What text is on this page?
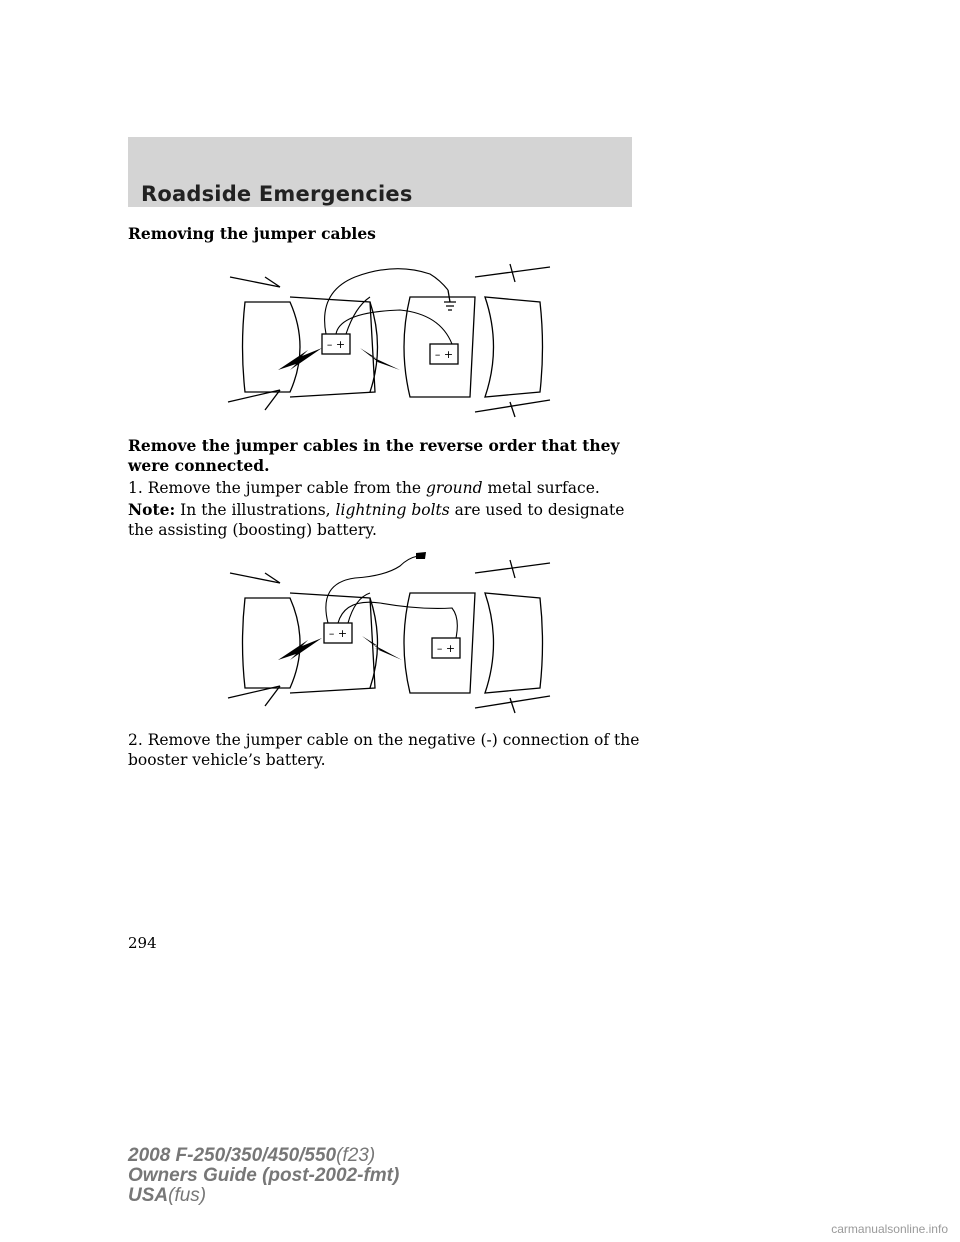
Roadside Emergencies
Removing the jumper cables
– +
– +
Remove the jumper cables in the reverse order that they were connected.
1. Remove the jumper cable from the ground metal surface.
Note: In the illustrations, lightning bolts are used to designate the assisting (boosting) battery.
– +
– +
2. Remove the jumper cable on the negative (-) connection of the booster vehicle’s battery.
294
2008 F-250/350/450/550(f23)
Owners Guide (post-2002-fmt)
USA(fus)
carmanualsonline.info
